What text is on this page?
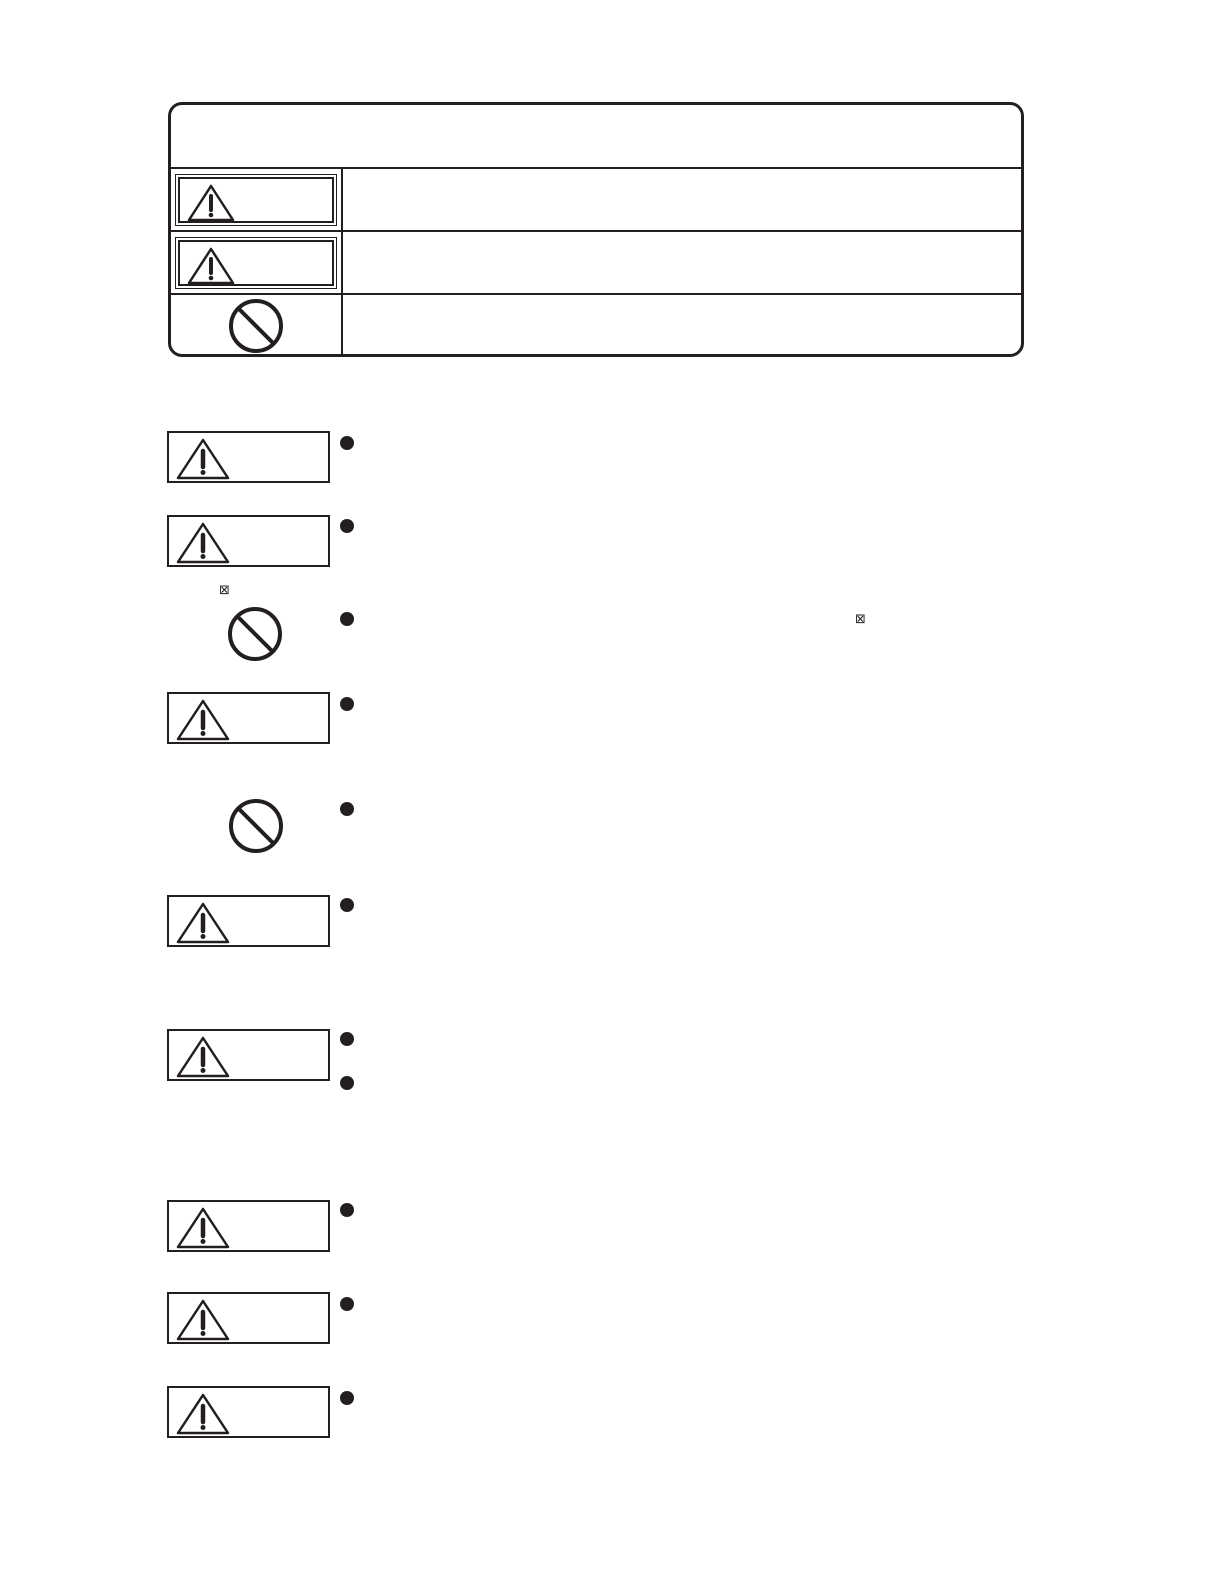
⊠
⊠
